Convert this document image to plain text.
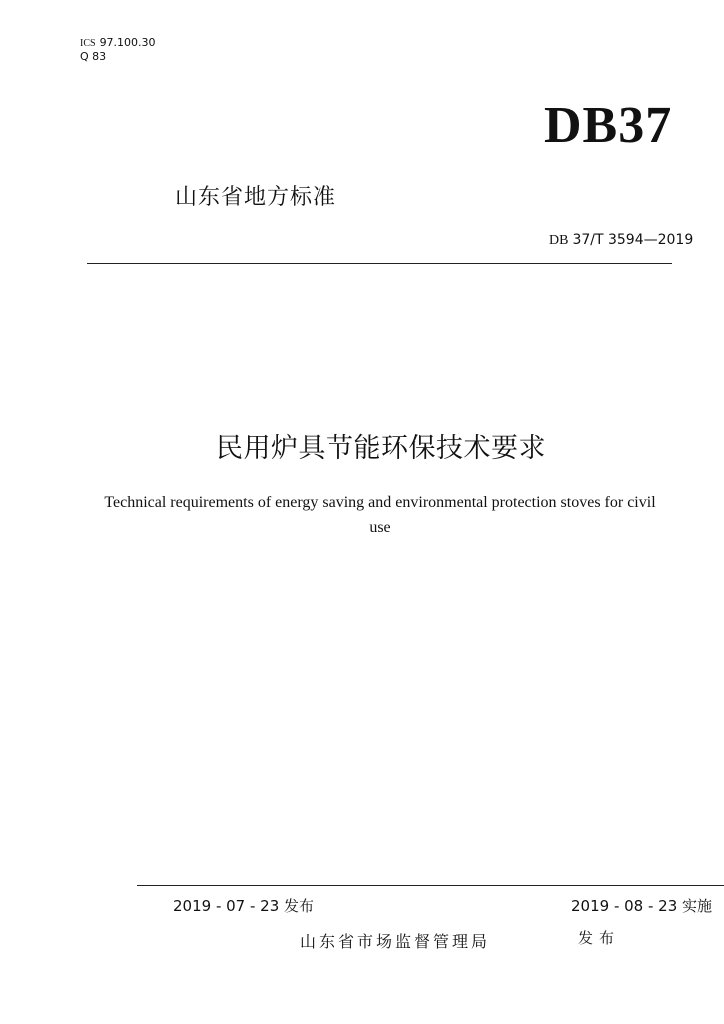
ICS 97.100.30
Q 83
DB37
山东省地方标准
DB 37/T 3594—2019
民用炉具节能环保技术要求
Technical requirements of energy saving and environmental protection stoves for civil use
2019 - 07 - 23 发布	2019 - 08 - 23 实施
山东省市场监督管理局	发布
